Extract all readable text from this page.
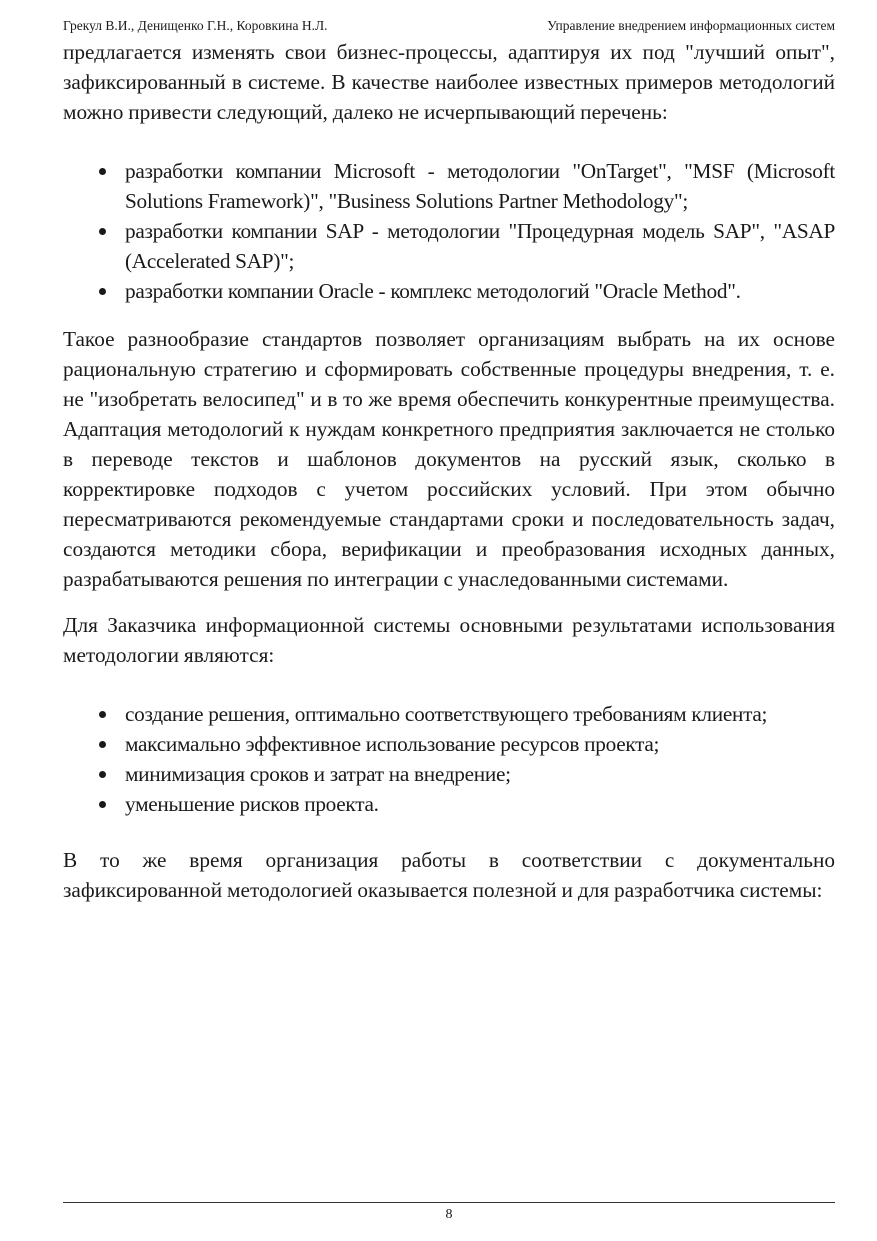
Грекул В.И., Денищенко Г.Н., Коровкина Н.Л.	Управление внедрением информационных систем

предлагается изменять свои бизнес-процессы, адаптируя их под "лучший опыт", зафиксированный в системе. В качестве наиболее известных примеров методологий можно привести следующий, далеко не исчерпывающий перечень:

разработки компании Microsoft - методологии "OnTarget", "MSF (Microsoft Solutions Framework)", "Business Solutions Partner Methodology";
разработки компании SAP - методологии "Процедурная модель SAP", "ASAP (Accelerated SAP)";
разработки компании Oracle - комплекс методологий "Oracle Method".

Такое разнообразие стандартов позволяет организациям выбрать на их основе рациональную стратегию и сформировать собственные процедуры внедрения, т. е. не "изобретать велосипед" и в то же время обеспечить конкурентные преимущества. Адаптация методологий к нуждам конкретного предприятия заключается не столько в переводе текстов и шаблонов документов на русский язык, сколько в корректировке подходов с учетом российских условий. При этом обычно пересматриваются рекомендуемые стандартами сроки и последовательность задач, создаются методики сбора, верификации и преобразования исходных данных, разрабатываются решения по интеграции с унаследованными системами.

Для Заказчика информационной системы основными результатами использования методологии являются:

создание решения, оптимально соответствующего требованиям клиента;
максимально эффективное использование ресурсов проекта;
минимизация сроков и затрат на внедрение;
уменьшение рисков проекта.

В то же время организация работы в соответствии с документально зафиксированной методологией оказывается полезной и для разработчика системы:

8
